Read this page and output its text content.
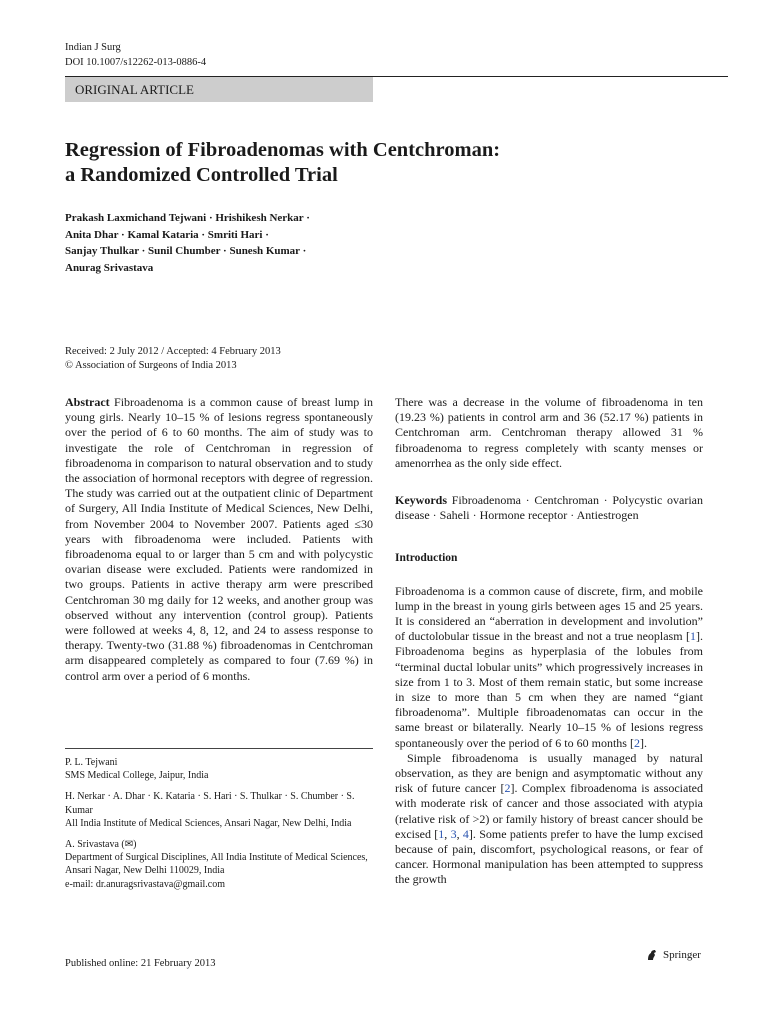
Indian J Surg
DOI 10.1007/s12262-013-0886-4
ORIGINAL ARTICLE
Regression of Fibroadenomas with Centchroman:
a Randomized Controlled Trial
Prakash Laxmichand Tejwani · Hrishikesh Nerkar ·
Anita Dhar · Kamal Kataria · Smriti Hari ·
Sanjay Thulkar · Sunil Chumber · Sunesh Kumar ·
Anurag Srivastava
Received: 2 July 2012 / Accepted: 4 February 2013
© Association of Surgeons of India 2013

Abstract Fibroadenoma is a common cause of breast lump in young girls. Nearly 10–15 % of lesions regress spontaneously over the period of 6 to 60 months. The aim of study was to investigate the role of Centchroman in regression of fibroadenoma in comparison to natural observation and to study the association of hormonal receptors with degree of regression. The study was carried out at the outpatient clinic of Department of Surgery, All India Institute of Medical Sciences, New Delhi, from November 2004 to November 2007. Patients aged ≤30 years with fibroadenoma were included. Patients with fibroadenoma equal to or larger than 5 cm and with polycystic ovarian disease were excluded. Patients were randomized in two groups. Patients in active therapy arm were prescribed Centchroman 30 mg daily for 12 weeks, and another group was observed without any intervention (control group). Patients were followed at weeks 4, 8, 12, and 24 to assess response to therapy. Twenty-two (31.88 %) fibroadenomas in Centchroman arm disappeared completely as compared to four (7.69 %) in control arm over a period of 6 months.

There was a decrease in the volume of fibroadenoma in ten (19.23 %) patients in control arm and 36 (52.17 %) patients in Centchroman arm. Centchroman therapy allowed 31 % fibroadenoma to regress completely with scanty menses or amenorrhea as the only side effect.

Keywords Fibroadenoma · Centchroman · Polycystic ovarian disease · Saheli · Hormone receptor · Antiestrogen

Introduction

Fibroadenoma is a common cause of discrete, firm, and mobile lump in the breast in young girls between ages 15 and 25 years. It is considered an “aberration in development and involution” of ductolobular tissue in the breast and not a true neoplasm [1]. Fibroadenoma begins as hyperplasia of the lobules from “terminal ductal lobular units” which progressively increases in size from 1 to 3. Most of them remain static, but some increase in size to more than 5 cm when they are named “giant fibroadenoma”. Multiple fibroadenomatas can occur in the same breast or bilaterally. Nearly 10–15 % of lesions regress spontaneously over the period of 6 to 60 months [2].

Simple fibroadenoma is usually managed by natural observation, as they are benign and asymptomatic without any risk of future cancer [2]. Complex fibroadenoma is associated with moderate risk of cancer and those associated with atypia (relative risk of >2) or family history of breast cancer should be excised [1, 3, 4]. Some patients prefer to have the lump excised because of pain, discomfort, psychological reasons, or fear of cancer. Hormonal manipulation has been attempted to suppress the growth

P. L. Tejwani
SMS Medical College, Jaipur, India

H. Nerkar · A. Dhar · K. Kataria · S. Hari · S. Thulkar · S. Chumber · S. Kumar
All India Institute of Medical Sciences, Ansari Nagar, New Delhi, India

A. Srivastava (✉)
Department of Surgical Disciplines, All India Institute of Medical Sciences, Ansari Nagar, New Delhi 110029, India
e-mail: dr.anuragsrivastava@gmail.com

Published online: 21 February 2013
Springer
